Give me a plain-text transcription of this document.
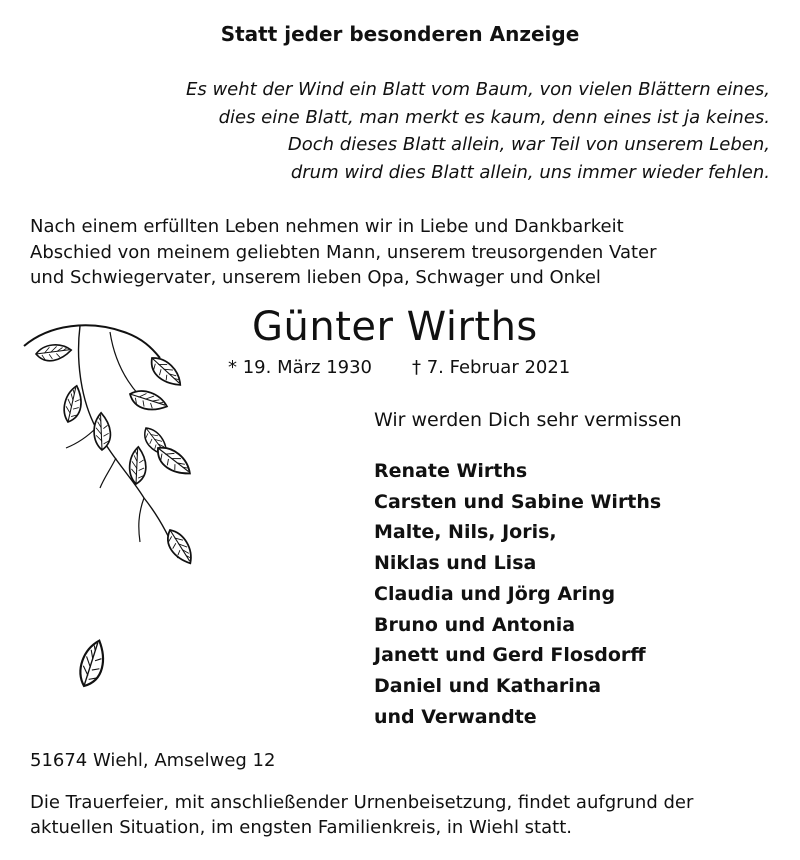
Statt jeder besonderen Anzeige
Es weht der Wind ein Blatt vom Baum, von vielen Blättern eines,
dies eine Blatt, man merkt es kaum, denn eines ist ja keines.
Doch dieses Blatt allein, war Teil von unserem Leben,
drum wird dies Blatt allein, uns immer wieder fehlen.
Nach einem erfüllten Leben nehmen wir in Liebe und Dankbarkeit
Abschied von meinem geliebten Mann, unserem treusorgenden Vater
und Schwiegervater, unserem lieben Opa, Schwager und Onkel
Günter Wirths
* 19. März 1930 † 7. Februar 2021
Wir werden Dich sehr vermissen
Renate Wirths
Carsten und Sabine Wirths
Malte, Nils, Joris,
Niklas und Lisa
Claudia und Jörg Aring
Bruno und Antonia
Janett und Gerd Flosdorff
Daniel und Katharina
und Verwandte
51674 Wiehl, Amselweg 12
Die Trauerfeier, mit anschließender Urnenbeisetzung, findet aufgrund der
aktuellen Situation, im engsten Familienkreis, in Wiehl statt.
